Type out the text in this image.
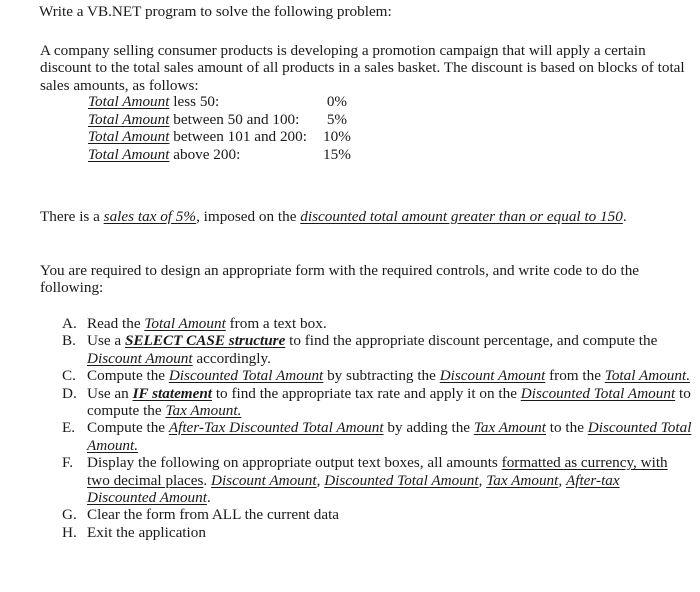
Write a VB.NET program to solve the following problem:
A company selling consumer products is developing a promotion campaign that will apply a certain discount to the total sales amount of all products in a sales basket. The discount is based on blocks of total sales amounts, as follows:
Total Amount less 50:	0%
Total Amount between 50 and 100:	5%
Total Amount between 101 and 200:	10%
Total Amount above 200:	15%
There is a sales tax of 5%, imposed on the discounted total amount greater than or equal to 150.
You are required to design an appropriate form with the required controls, and write code to do the following:
A. Read the Total Amount from a text box.
B. Use a SELECT CASE structure to find the appropriate discount percentage, and compute the Discount Amount accordingly.
C. Compute the Discounted Total Amount by subtracting the Discount Amount from the Total Amount.
D. Use an IF statement to find the appropriate tax rate and apply it on the Discounted Total Amount to compute the Tax Amount.
E. Compute the After-Tax Discounted Total Amount by adding the Tax Amount to the Discounted Total Amount.
F. Display the following on appropriate output text boxes, all amounts formatted as currency, with two decimal places. Discount Amount, Discounted Total Amount, Tax Amount, After-tax Discounted Amount.
G. Clear the form from ALL the current data
H. Exit the application
